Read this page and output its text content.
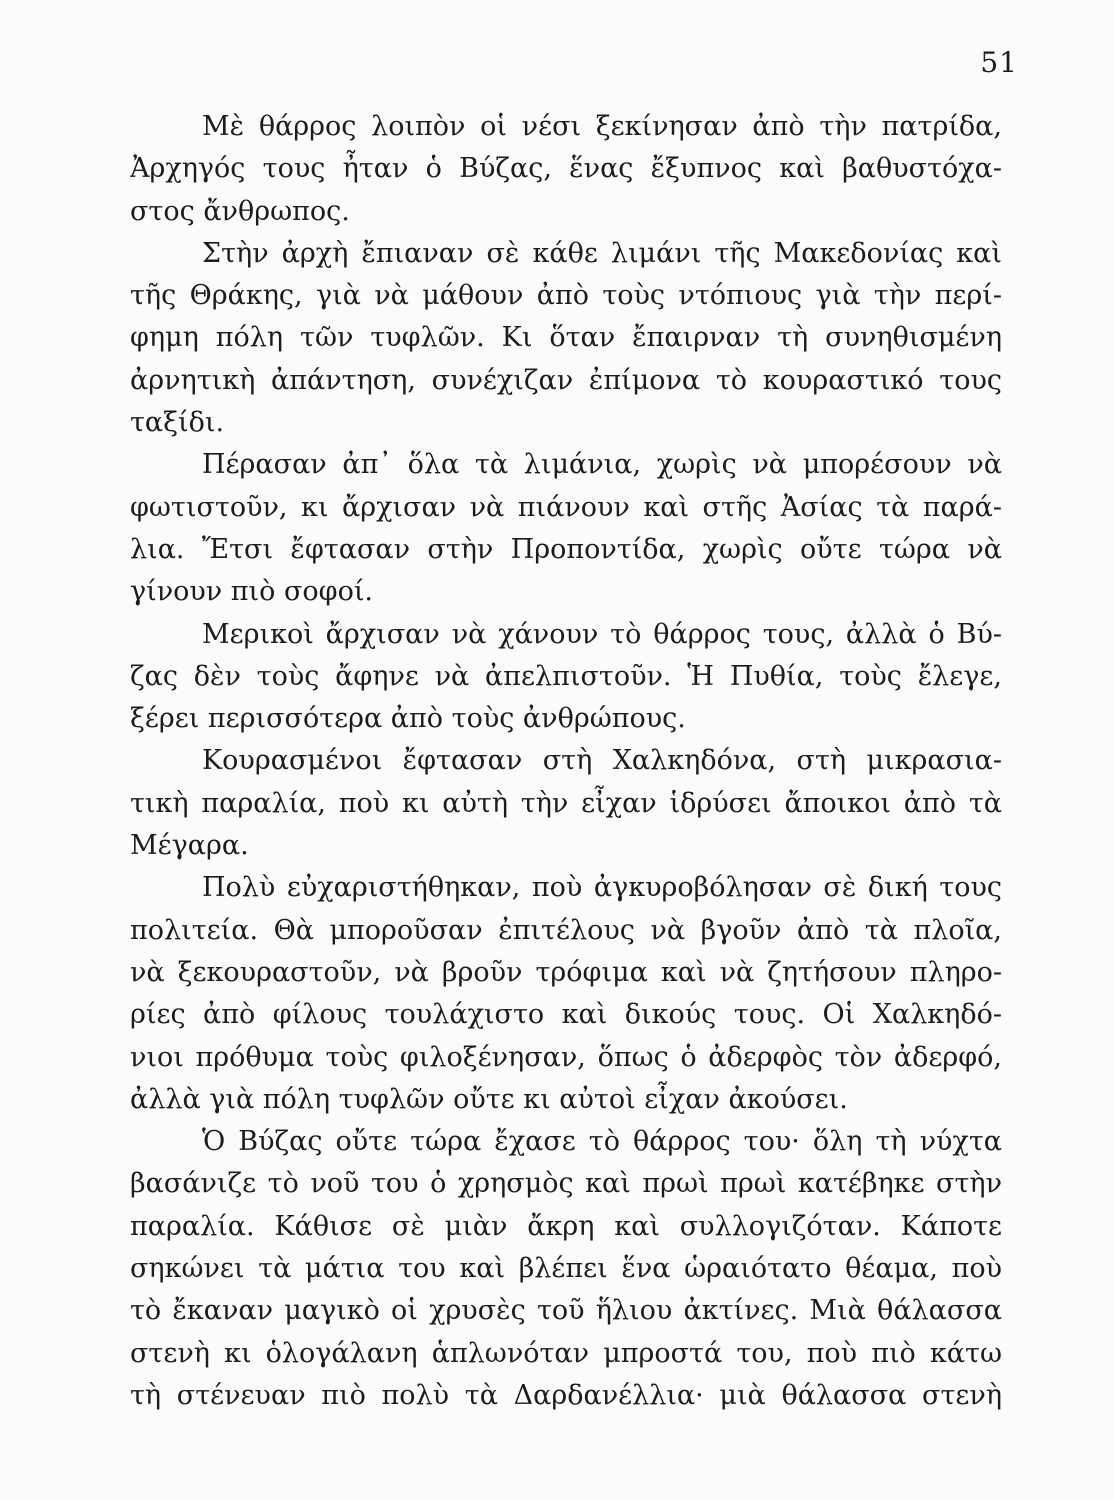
51
Μὲ θάρρος λοιπὸν οἱ νέσι ξεκίνησαν ἀπὸ τὴν πατρίδα,
Ἀρχηγός τους ἦταν ὁ Βύζας, ἕνας ἔξυπνος καὶ βαθυστόχα-
στος ἄνθρωπος.
Στὴν ἀρχὴ ἔπιαναν σὲ κάθε λιμάνι τῆς Μακεδονίας καὶ
τῆς Θράκης, γιὰ νὰ μάθουν ἀπὸ τοὺς ντόπιους γιὰ τὴν περί-
φημη πόλη τῶν τυφλῶν. Κι ὅταν ἔπαιρναν τὴ συνηθισμένη
ἀρνητικὴ ἀπάντηση, συνέχιζαν ἐπίμονα τὸ κουραστικό τους
ταξίδι.
Πέρασαν ἀπ᾽ ὅλα τὰ λιμάνια, χωρὶς νὰ μπορέσουν νὰ
φωτιστοῦν, κι ἄρχισαν νὰ πιάνουν καὶ στῆς Ἀσίας τὰ παρά-
λια. Ἔτσι ἔφτασαν στὴν Προποντίδα, χωρὶς οὔτε τώρα νὰ
γίνουν πιὸ σοφοί.
Μερικοὶ ἄρχισαν νὰ χάνουν τὸ θάρρος τους, ἀλλὰ ὁ Βύ-
ζας δὲν τοὺς ἄφηνε νὰ ἀπελπιστοῦν. Ἡ Πυθία, τοὺς ἔλεγε,
ξέρει περισσότερα ἀπὸ τοὺς ἀνθρώπους.
Κουρασμένοι ἔφτασαν στὴ Χαλκηδόνα, στὴ μικρασια-
τικὴ παραλία, ποὺ κι αὐτὴ τὴν εἶχαν ἱδρύσει ἄποικοι ἀπὸ τὰ
Μέγαρα.
Πολὺ εὐχαριστήθηκαν, ποὺ ἀγκυροβόλησαν σὲ δική τους
πολιτεία. Θὰ μποροῦσαν ἐπιτέλους νὰ βγοῦν ἀπὸ τὰ πλοῖα,
νὰ ξεκουραστοῦν, νὰ βροῦν τρόφιμα καὶ νὰ ζητήσουν πληρο-
ρίες ἀπὸ φίλους τουλάχιστο καὶ δικούς τους. Οἱ Χαλκηδό-
νιοι πρόθυμα τοὺς φιλοξένησαν, ὅπως ὁ ἀδερφὸς τὸν ἀδερφό,
ἀλλὰ γιὰ πόλη τυφλῶν οὔτε κι αὐτοὶ εἶχαν ἀκούσει.
Ὁ Βύζας οὔτε τώρα ἔχασε τὸ θάρρος του· ὅλη τὴ νύχτα
βασάνιζε τὸ νοῦ του ὁ χρησμὸς καὶ πρωὶ πρωὶ κατέβηκε στὴν
παραλία. Κάθισε σὲ μιὰν ἄκρη καὶ συλλογιζόταν. Κάποτε
σηκώνει τὰ μάτια του καὶ βλέπει ἕνα ὡραιότατο θέαμα, ποὺ
τὸ ἔκαναν μαγικὸ οἱ χρυσὲς τοῦ ἥλιου ἀκτίνες. Μιὰ θάλασσα
στενὴ κι ὁλογάλανη ἁπλωνόταν μπροστά του, ποὺ πιὸ κάτω
τὴ στένευαν πιὸ πολὺ τὰ Δαρδανέλλια· μιὰ θάλασσα στενὴ
